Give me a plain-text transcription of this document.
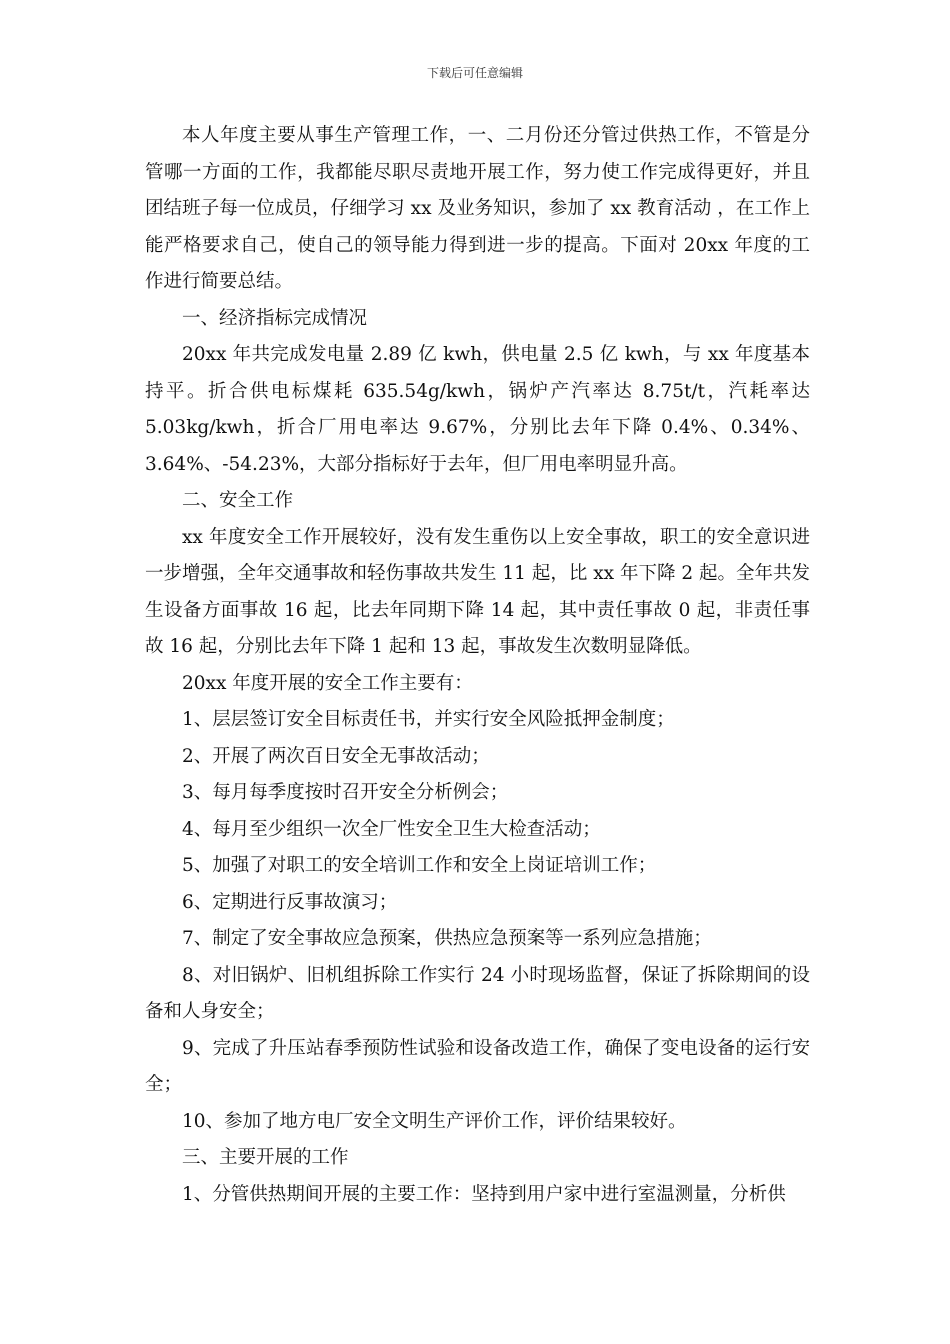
下载后可任意编辑

本人年度主要从事生产管理工作，一、二月份还分管过供热工作，不管是分管哪一方面的工作，我都能尽职尽责地开展工作，努力使工作完成得更好，并且团结班子每一位成员，仔细学习 xx 及业务知识，参加了 xx 教育活动 ，在工作上能严格要求自己，使自己的领导能力得到进一步的提高。下面对 20xx 年度的工作进行简要总结。

一、经济指标完成情况

20xx 年共完成发电量 2.89 亿 kwh，供电量 2.5 亿 kwh，与 xx 年度基本持平。折合供电标煤耗 635.54g/kwh，锅炉产汽率达 8.75t/t，汽耗率达 5.03kg/kwh，折合厂用电率达 9.67%，分别比去年下降 0.4%、0.34%、3.64%、-54.23%，大部分指标好于去年，但厂用电率明显升高。

二、安全工作

xx 年度安全工作开展较好，没有发生重伤以上安全事故，职工的安全意识进一步增强，全年交通事故和轻伤事故共发生 11 起，比 xx 年下降 2 起。全年共发生设备方面事故 16 起，比去年同期下降 14 起，其中责任事故 0 起，非责任事故 16 起，分别比去年下降 1 起和 13 起，事故发生次数明显降低。

20xx 年度开展的安全工作主要有：

1、层层签订安全目标责任书，并实行安全风险抵押金制度；

2、开展了两次百日安全无事故活动；

3、每月每季度按时召开安全分析例会；

4、每月至少组织一次全厂性安全卫生大检查活动；

5、加强了对职工的安全培训工作和安全上岗证培训工作；

6、定期进行反事故演习；

7、制定了安全事故应急预案，供热应急预案等一系列应急措施；

8、对旧锅炉、旧机组拆除工作实行 24 小时现场监督，保证了拆除期间的设备和人身安全；

9、完成了升压站春季预防性试验和设备改造工作，确保了变电设备的运行安全；

10、参加了地方电厂安全文明生产评价工作，评价结果较好。

三、主要开展的工作

1、分管供热期间开展的主要工作：坚持到用户家中进行室温测量，分析供
